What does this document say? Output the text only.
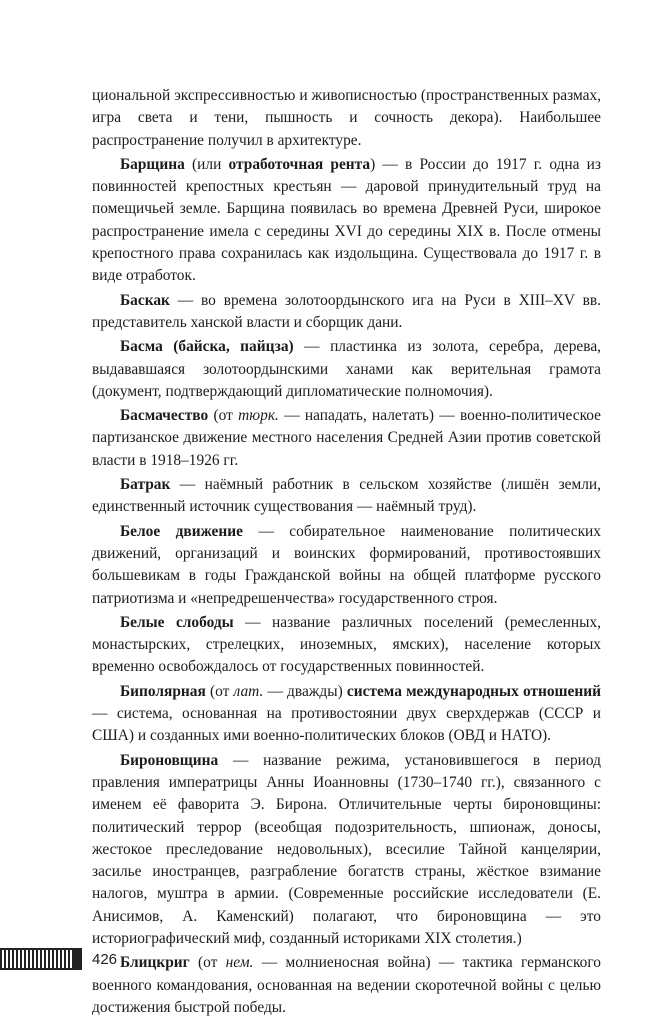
циональной экспрессивностью и живописностью (пространственных размах, игра света и тени, пышность и сочность декора). Наибольшее распространение получил в архитектуре.

Барщина (или отработочная рента) — в России до 1917 г. одна из повинностей крепостных крестьян — даровой принудительный труд на помещичьей земле. Барщина появилась во времена Древней Руси, широкое распространение имела с середины XVI до середины XIX в. После отмены крепостного права сохранилась как издольщина. Существовала до 1917 г. в виде отработок.

Баскак — во времена золотоордынского ига на Руси в XIII–XV вв. представитель ханской власти и сборщик дани.

Басма (байска, пайцза) — пластинка из золота, серебра, дерева, выдававшаяся золотоордынскими ханами как верительная грамота (документ, подтверждающий дипломатические полномочия).

Басмачество (от тюрк. — нападать, налетать) — военно-политическое партизанское движение местного населения Средней Азии против советской власти в 1918–1926 гг.

Батрак — наёмный работник в сельском хозяйстве (лишён земли, единственный источник существования — наёмный труд).

Белое движение — собирательное наименование политических движений, организаций и воинских формирований, противостоявших большевикам в годы Гражданской войны на общей платформе русского патриотизма и «непредрешенчества» государственного строя.

Белые слободы — название различных поселений (ремесленных, монастырских, стрелецких, иноземных, ямских), население которых временно освобождалось от государственных повинностей.

Биполярная (от лат. — дважды) система международных отношений — система, основанная на противостоянии двух сверхдержав (СССР и США) и созданных ими военно-политических блоков (ОВД и НАТО).

Бироновщина — название режима, установившегося в период правления императрицы Анны Иоанновны (1730–1740 гг.), связанного с именем её фаворита Э. Бирона. Отличительные черты бироновщины: политический террор (всеобщая подозрительность, шпионаж, доносы, жестокое преследование недовольных), всесилие Тайной канцелярии, засилье иностранцев, разграбление богатств страны, жёсткое взимание налогов, муштра в армии. (Современные российские исследователи (Е. Анисимов, А. Каменский) полагают, что бироновщина — это историографический миф, созданный историками XIX столетия.)

Блицкриг (от нем. — молниеносная война) — тактика германского военного командования, основанная на ведении скоротечной войны с целью достижения быстрой победы.

426
